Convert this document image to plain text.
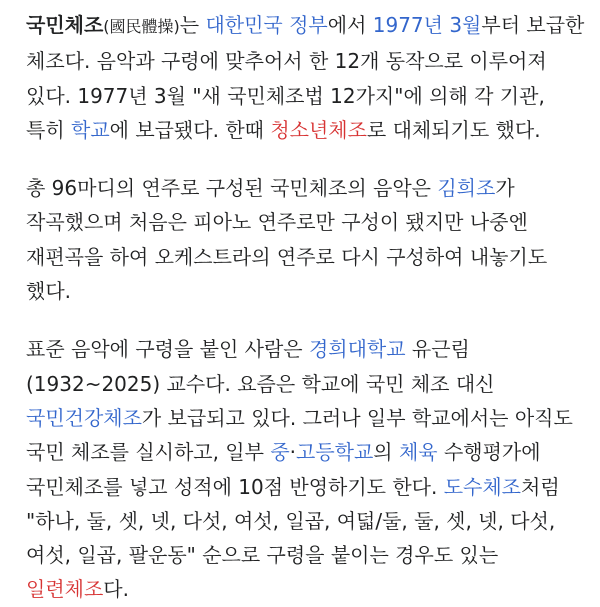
국민체조(國民體操)는 대한민국 정부에서 1977년 3월부터 보급한 체조다. 음악과 구령에 맞추어서 한 12개 동작으로 이루어져 있다. 1977년 3월 "새 국민체조법 12가지"에 의해 각 기관, 특히 학교에 보급됐다. 한때 청소년체조로 대체되기도 했다.

총 96마디의 연주로 구성된 국민체조의 음악은 김희조가 작곡했으며 처음은 피아노 연주로만 구성이 됐지만 나중엔 재편곡을 하여 오케스트라의 연주로 다시 구성하여 내놓기도 했다.

표준 음악에 구령을 붙인 사람은 경희대학교 유근림 (1932~2025) 교수다. 요즘은 학교에 국민 체조 대신 국민건강체조가 보급되고 있다. 그러나 일부 학교에서는 아직도 국민 체조를 실시하고, 일부 중·고등학교의 체육 수행평가에 국민체조를 넣고 성적에 10점 반영하기도 한다. 도수체조처럼 "하나, 둘, 셋, 넷, 다섯, 여섯, 일곱, 여덟/둘, 둘, 셋, 넷, 다섯, 여섯, 일곱, 팔운동" 순으로 구령을 붙이는 경우도 있는 일련체조다.
